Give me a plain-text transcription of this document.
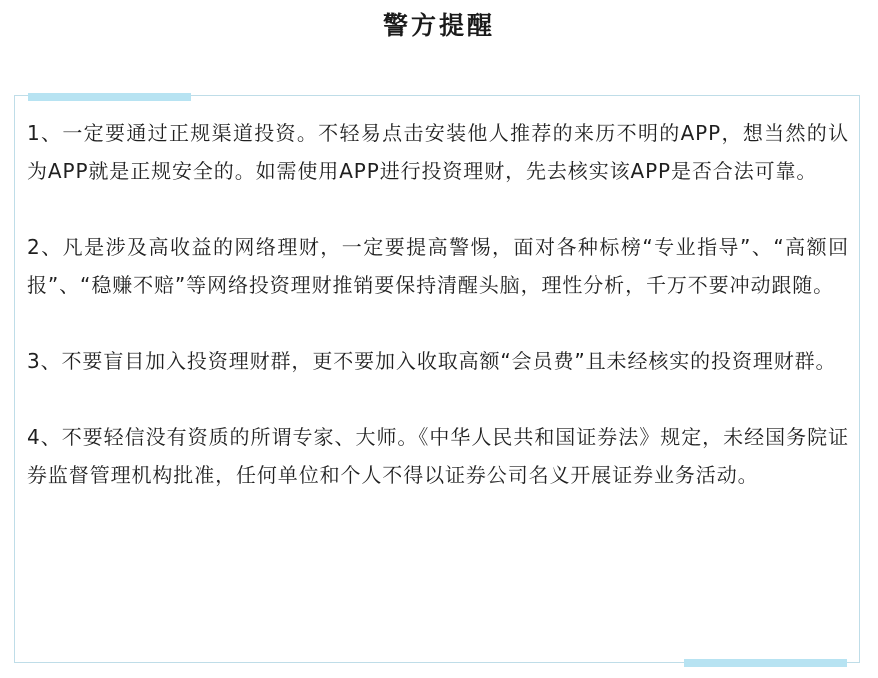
警方提醒

1、一定要通过正规渠道投资。不轻易点击安装他人推荐的来历不明的APP，想当然的认为APP就是正规安全的。如需使用APP进行投资理财，先去核实该APP是否合法可靠。

2、凡是涉及高收益的网络理财，一定要提高警惕，面对各种标榜“专业指导”、“高额回报”、“稳赚不赔”等网络投资理财推销要保持清醒头脑，理性分析，千万不要冲动跟随。

3、不要盲目加入投资理财群，更不要加入收取高额“会员费”且未经核实的投资理财群。

4、不要轻信没有资质的所谓专家、大师。《中华人民共和国证券法》规定，未经国务院证券监督管理机构批准，任何单位和个人不得以证券公司名义开展证券业务活动。
